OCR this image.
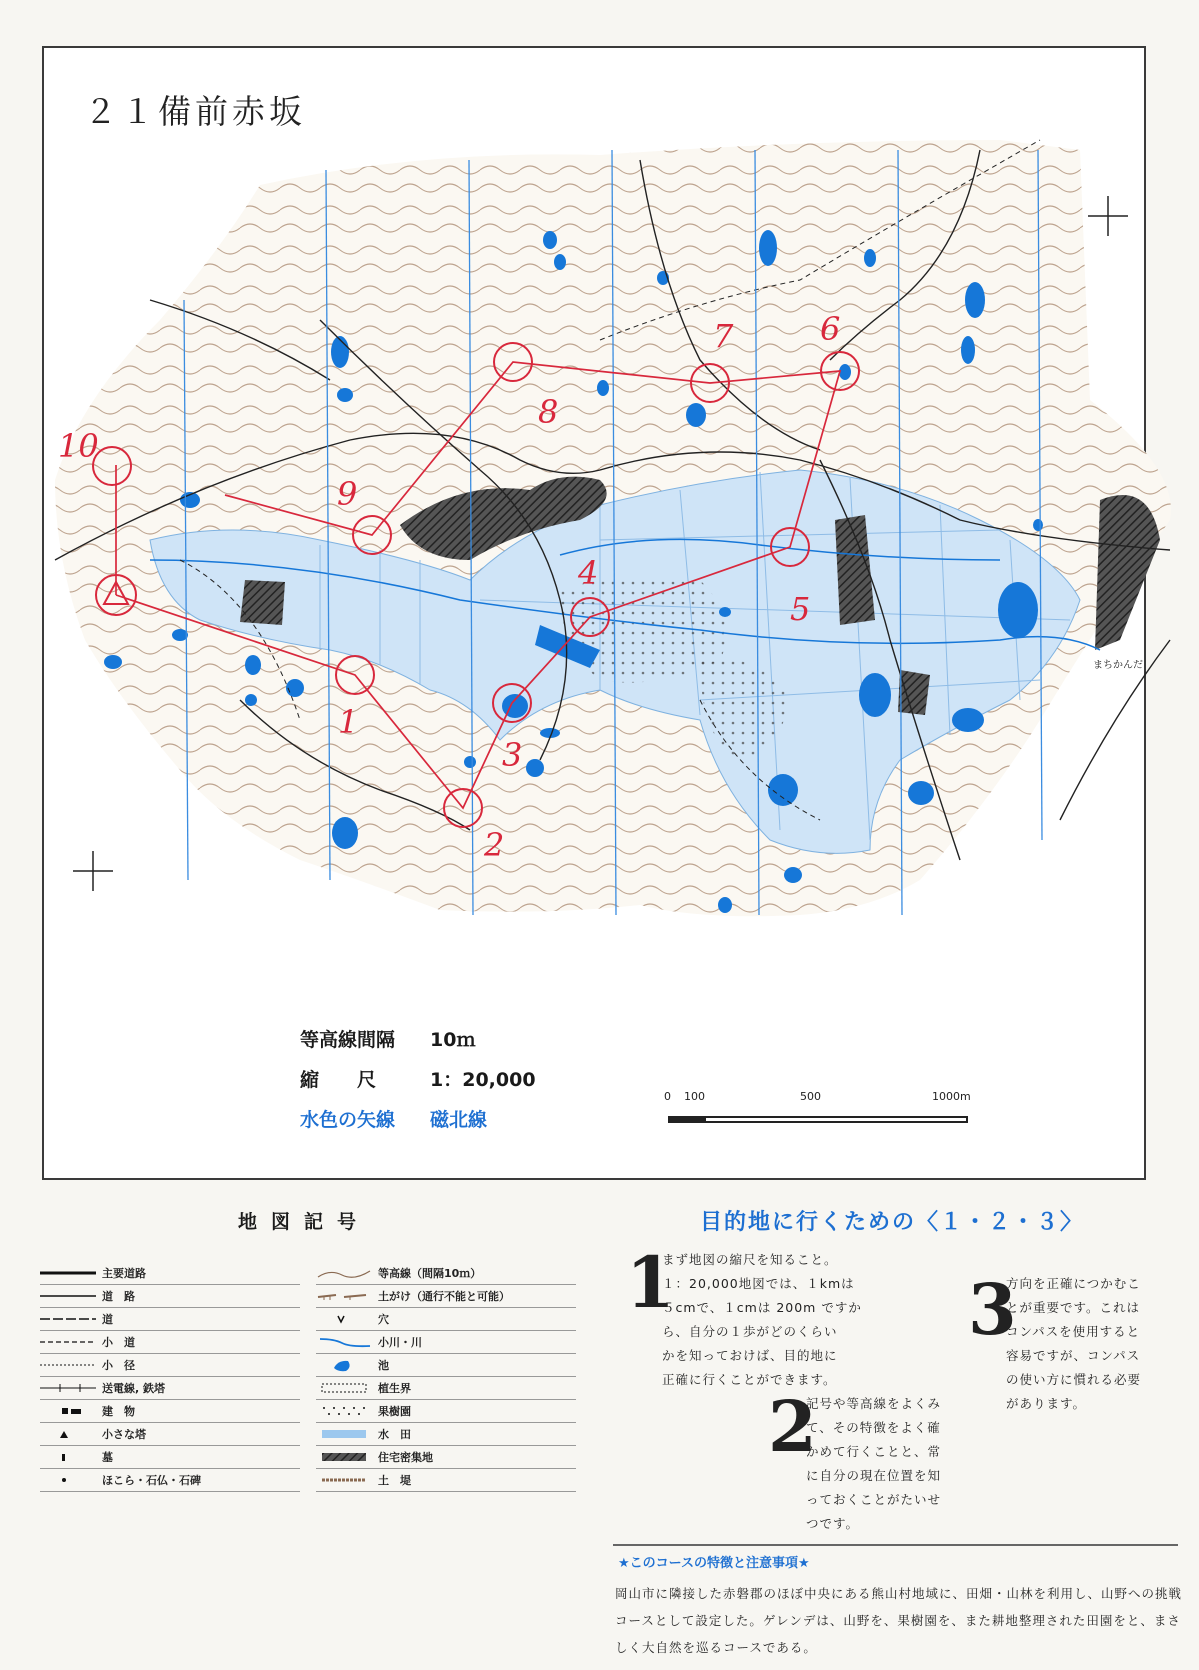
２１備前赤坂
まちかんだ
1
2
3
4
5
6
7
8
9
10
等高線間隔	10ｍ
縮　　尺	1：20,000
水色の矢線	磁北線
0 100	500	1000m
地図記号
主要道路
道　路
道
小　道
小　径
送電線, 鉄塔
建　物
小さな塔
墓
ほこら・石仏・石碑
等高線（間隔10ｍ）
土がけ（通行不能と可能）
穴
小川・川
池
植生界
果樹園
水　田
住宅密集地
土　堤
目的地に行くための〈１・２・３〉
1
まず地図の縮尺を知ること。
１：20,000地図では、１kmは
５cmで、１cmは 200m ですか
ら、自分の１歩がどのくらい
かを知っておけば、目的地に
正確に行くことができます。
2
記号や等高線をよくみ
て、その特徴をよく確
かめて行くことと、常
に自分の現在位置を知
っておくことがたいせ
つです。
3
方向を正確につかむこ
とが重要です。これは
コンパスを使用すると
容易ですが、コンパス
の使い方に慣れる必要
があります。
★このコースの特徴と注意事項★
岡山市に隣接した赤磐郡のほぼ中央にある熊山村地域に、田畑・山林を利用し、山野への挑戦コースとして設定した。ゲレンデは、山野を、果樹園を、また耕地整理された田園をと、まさしく大自然を巡るコースである。
